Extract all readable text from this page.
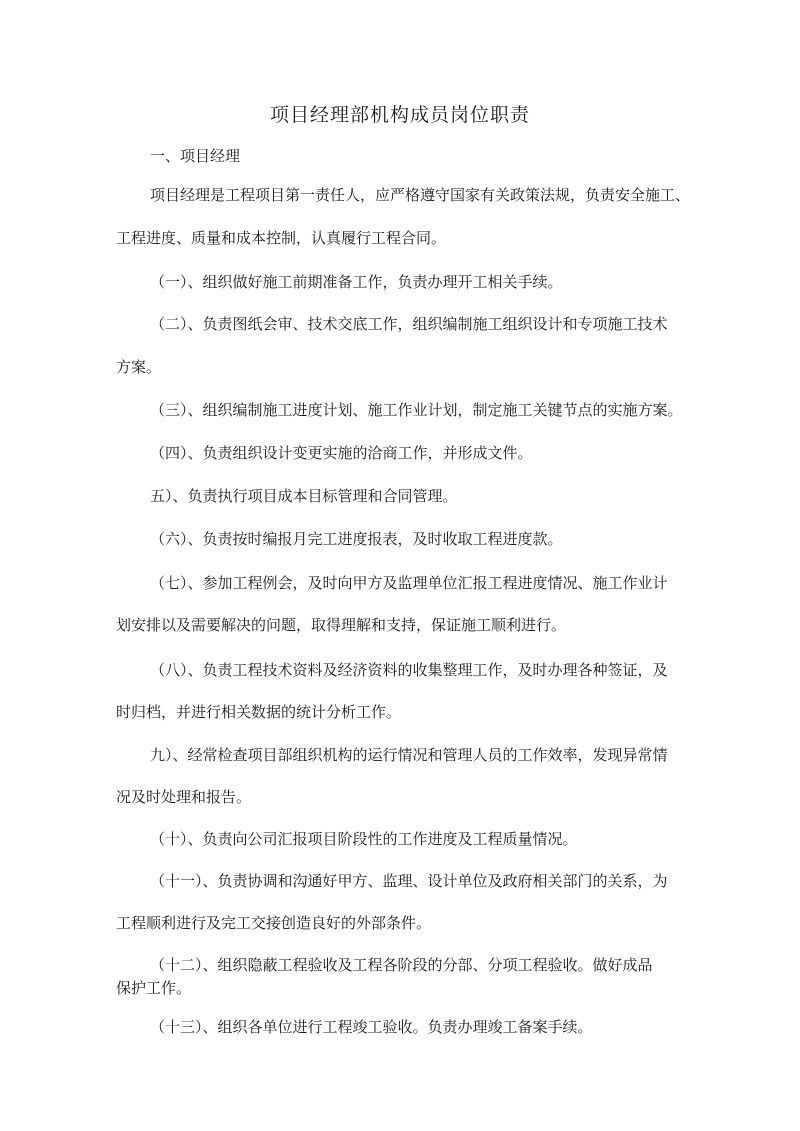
项目经理部机构成员岗位职责
一、项目经理
项目经理是工程项目第一责任人，应严格遵守国家有关政策法规，负责安全施工、
工程进度、质量和成本控制，认真履行工程合同。
（一）、组织做好施工前期准备工作，负责办理开工相关手续。
（二）、负责图纸会审、技术交底工作，组织编制施工组织设计和专项施工技术
方案。
（三）、组织编制施工进度计划、施工作业计划，制定施工关键节点的实施方案。
（四）、负责组织设计变更实施的洽商工作，并形成文件。
五）、负责执行项目成本目标管理和合同管理。
（六）、负责按时编报月完工进度报表，及时收取工程进度款。
（七）、参加工程例会，及时向甲方及监理单位汇报工程进度情况、施工作业计
划安排以及需要解决的问题，取得理解和支持，保证施工顺利进行。
（八）、负责工程技术资料及经济资料的收集整理工作，及时办理各种签证，及
时归档，并进行相关数据的统计分析工作。
九）、经常检查项目部组织机构的运行情况和管理人员的工作效率，发现异常情
况及时处理和报告。
（十）、负责向公司汇报项目阶段性的工作进度及工程质量情况。
（十一）、负责协调和沟通好甲方、监理、设计单位及政府相关部门的关系，为
工程顺利进行及完工交接创造良好的外部条件。
（十二）、组织隐蔽工程验收及工程各阶段的分部、分项工程验收。做好成品
保护工作。
（十三）、组织各单位进行工程竣工验收。负责办理竣工备案手续。
